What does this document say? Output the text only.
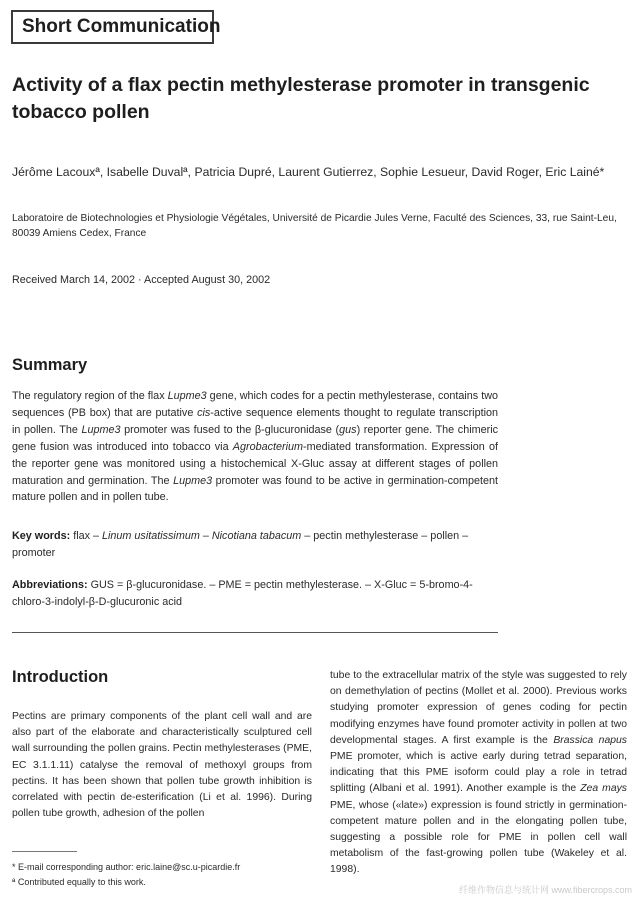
Short Communication
Activity of a flax pectin methylesterase promoter in transgenic tobacco pollen
Jérôme Lacouxª, Isabelle Duvalª, Patricia Dupré, Laurent Gutierrez, Sophie Lesueur, David Roger, Eric Lainé*
Laboratoire de Biotechnologies et Physiologie Végétales, Université de Picardie Jules Verne, Faculté des Sciences, 33, rue Saint-Leu, 80039 Amiens Cedex, France
Received March 14, 2002 · Accepted August 30, 2002
Summary
The regulatory region of the flax Lupme3 gene, which codes for a pectin methylesterase, contains two sequences (PB box) that are putative cis-active sequence elements thought to regulate transcription in pollen. The Lupme3 promoter was fused to the β-glucuronidase (gus) reporter gene. The chimeric gene fusion was introduced into tobacco via Agrobacterium-mediated transformation. Expression of the reporter gene was monitored using a histochemical X-Gluc assay at different stages of pollen maturation and germination. The Lupme3 promoter was found to be active in germination-competent mature pollen and in pollen tube.
Key words: flax – Linum usitatissimum – Nicotiana tabacum – pectin methylesterase – pollen – promoter
Abbreviations: GUS = β-glucuronidase. – PME = pectin methylesterase. – X-Gluc = 5-bromo-4-chloro-3-indolyl-β-D-glucuronic acid
Introduction
Pectins are primary components of the plant cell wall and are also part of the elaborate and characteristically sculptured cell wall surrounding the pollen grains. Pectin methylesterases (PME, EC 3.1.1.11) catalyse the removal of methoxyl groups from pectins. It has been shown that pollen tube growth inhibition is correlated with pectin de-esterification (Li et al. 1996). During pollen tube growth, adhesion of the pollen
tube to the extracellular matrix of the style was suggested to rely on demethylation of pectins (Mollet et al. 2000). Previous works studying promoter expression of genes coding for pectin modifying enzymes have found promoter activity in pollen at two developmental stages. A first example is the Brassica napus PME promoter, which is active early during tetrad separation, indicating that this PME isoform could play a role in tetrad splitting (Albani et al. 1991). Another example is the Zea mays PME, whose («late») expression is found strictly in germination-competent mature pollen and in the elongating pollen tube, suggesting a possible role for PME in pollen cell wall metabolism of the fast-growing pollen tube (Wakeley et al. 1998).
* E-mail corresponding author: eric.laine@sc.u-picardie.fr
ª Contributed equally to this work.
纤维作物信息与统计网 www.fibercrops.com
